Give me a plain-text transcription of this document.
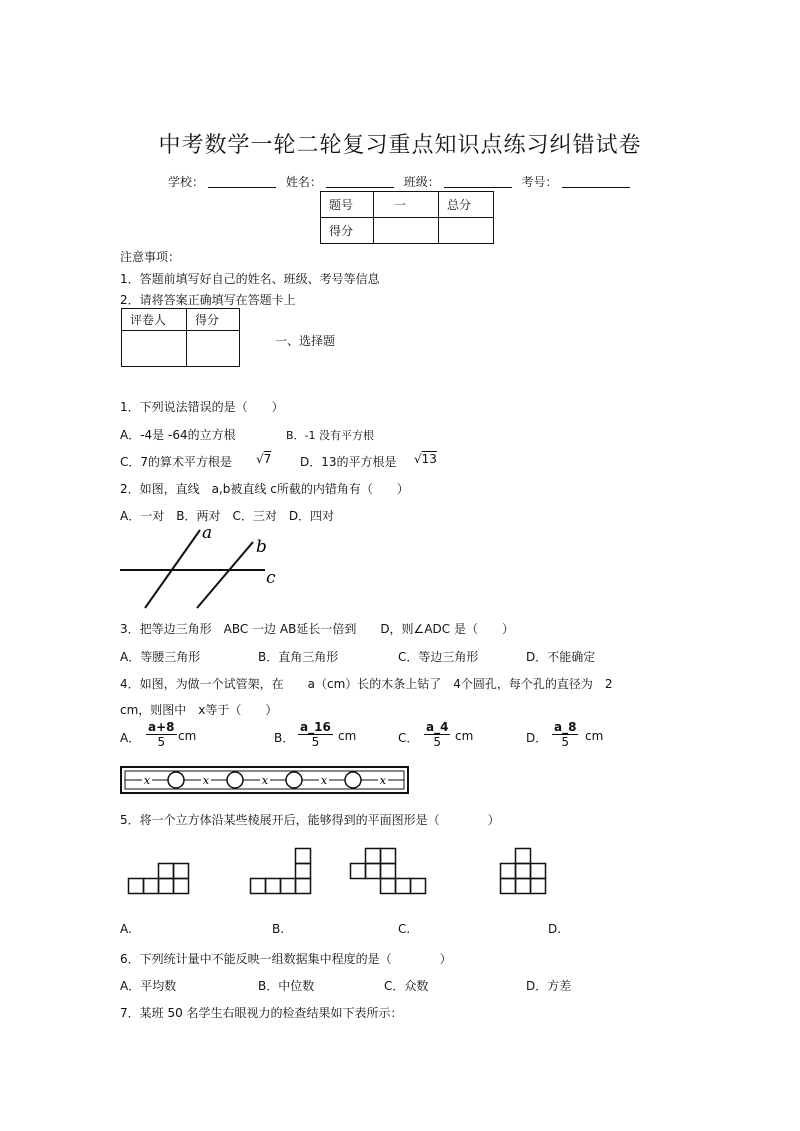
中考数学一轮二轮复习重点知识点练习纠错试卷
学校：	姓名：	班级：	考号：
题号	一	总分
得分		
注意事项：
1．答题前填写好自己的姓名、班级、考号等信息
2．请将答案正确填写在答题卡上
评卷人	得分

一、选择题
1．下列说法错误的是（　　）
A．-4是 -64的立方根	B．-1 没有平方根
C．7的算术平方根是 √7 D．13的平方根是 √13
2．如图，直线　a,b被直线 c所截的内错角有（　　）
A．一对　B．两对　C．三对　D．四对
a
b
c
3．把等边三角形　ABC 一边 AB延长一倍到　　D，则∠ADC 是（　　）
A．等腰三角形	B．直角三角形	C．等边三角形	D．不能确定
4．如图，为做一个试管架，在　　a（cm）长的木条上钻了　4个圆孔，每个孔的直径为　2
cm，则图中　x等于（　　）
A． $\frac{a+8}{5}$ cm	B． $\frac{a\_16}{5}$ cm	C． $\frac{a\_4}{5}$ cm	D． $\frac{a\_8}{5}$ cm
x	x	x	x	x
5．将一个立方体沿某些棱展开后，能够得到的平面图形是（　　　　）
A.	B.	C.	D.
6．下列统计量中不能反映一组数据集中程度的是（　　　　）
A．平均数	B．中位数	C．众数	D．方差
7．某班 50 名学生右眼视力的检查结果如下表所示：
